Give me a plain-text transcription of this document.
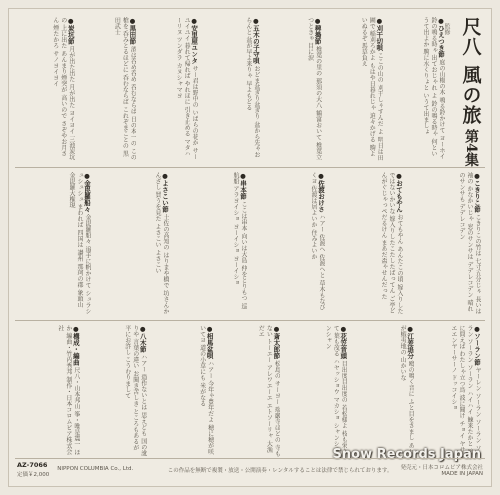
尺八 風の旅
第4集
監修
●ひえつき節 庭の山椒の木 鳴る鈴かけて ヨーホイ 鈴の鳴る時ゃ 出ておじゃれ よ 鈴の鳴る時ゃ 何というて出よか 駒に水くりょと いうて出ましょ
●刈干切唄 ここの山の 刈干しゃすんだ よ 明日は田圃で 稲刈ろかよ もはや日暮れじゃ 迫々かげる 駒よいぬるぞ 馬草負え
●稗搗節 椎葉の里の 那須の大八 鶴富おいて 椎葉立つときゃ 目に涙
●五木の子守唄 おどま盆ぎり盆ぎり 盆から先ゃおらんと 盆が早よ来りゃ 早よもどる
●安里屋ユンタ サー君は野中の いばらの花か サーユイユイ 暮れて帰れば やれほに 引き止める マタハーリヌ ツンダラ カヌシャマヨ
●黒田節 酒は呑め呑め 呑むならば 日の本一の この槍を 呑みとるほどに 呑むならば これぞまことの 黒田武士
●炭坑節 月が出た出た 月が出た ヨイヨイ 三池炭坑の 上に出た あんまり煙突が 高いので さぞやお月さん 煙たかろ サノヨイヨイ
●こきりこ節 こきりこの竹は 七寸五分じゃ 長いは袖の かなかいじゃ 窓のサンサは デデレコデン 晴れのサンサも デデレコデン
●おてもやん おてもやん あんたこの頃 嫁入りしたではないかいな 嫁入りしたこたしたばってん ご亭どんがぐじゃっぺだるけん まあだ盃ゃせんだった
●佐渡おけさ ハアー 佐渡へ 佐渡へと 草木もなびくヨ 佐渡は居よいか 住みよいか
●串本節 ここは串本 向いは大島 仲をとりもつ 巡航船 アラヨイショ ヨーイショ ヨーイショ
●よさこい節 土佐の高知の はりまや橋で 坊さんかんざし 買うを見た よさこい よさこい
●金毘羅船々 金毘羅船々 追手に帆かけて シュラシュシュシュ まわれば 四国は 讃州 那珂の郡 象頭山 金毘羅大権現
●ソーラン節 ヤーレン ソーラン ソーラン ソーラン ソーラン ソーラン ハイハイ 鰊来たかと 鴎に問えば わたしゃ立つ鳥 波に聞け チョイ ヤサエエンヤーサーノ ドッコイショ
●江差追分 鴎の鳴く音に ふと目をさまし あれが蝦夷地の 山かいな
●花笠音頭 目出度目出度の 若松様よ 枝も栄えて 葉も茂る ハヤッショウ マカショ シャンシャンシャン
●斎太郎節 松島の サーヨー 瑞巌寺ほどの 寺もない トーエー アレワエーエ エトソーリャ 大漁だエ
●相馬盆唄 ハアー 今年ゃ豊年だよ 穂に穂が咲いてヨ 道の小草にも 米がなる
●八木節 ハアー 造作ないとは 思えども 国の訛りや 言葉の違い お聞き苦しき ところもあるが 平にお許し こうむりまして
●構成・編曲 尺八・山本邦山 筝・唯是震一 ほか 編曲・竹内秀邦 制作・日本コロムビア株式会社
Snow Records Japan
AZ-7066
定価￥2,000
NIPPON COLUMBIA Co., Ltd.	この作品を無断で複製・放送・公開演奏・レンタルすることは法律で禁じられております。 発売元・日本コロムビア株式会社
MADE IN JAPAN
